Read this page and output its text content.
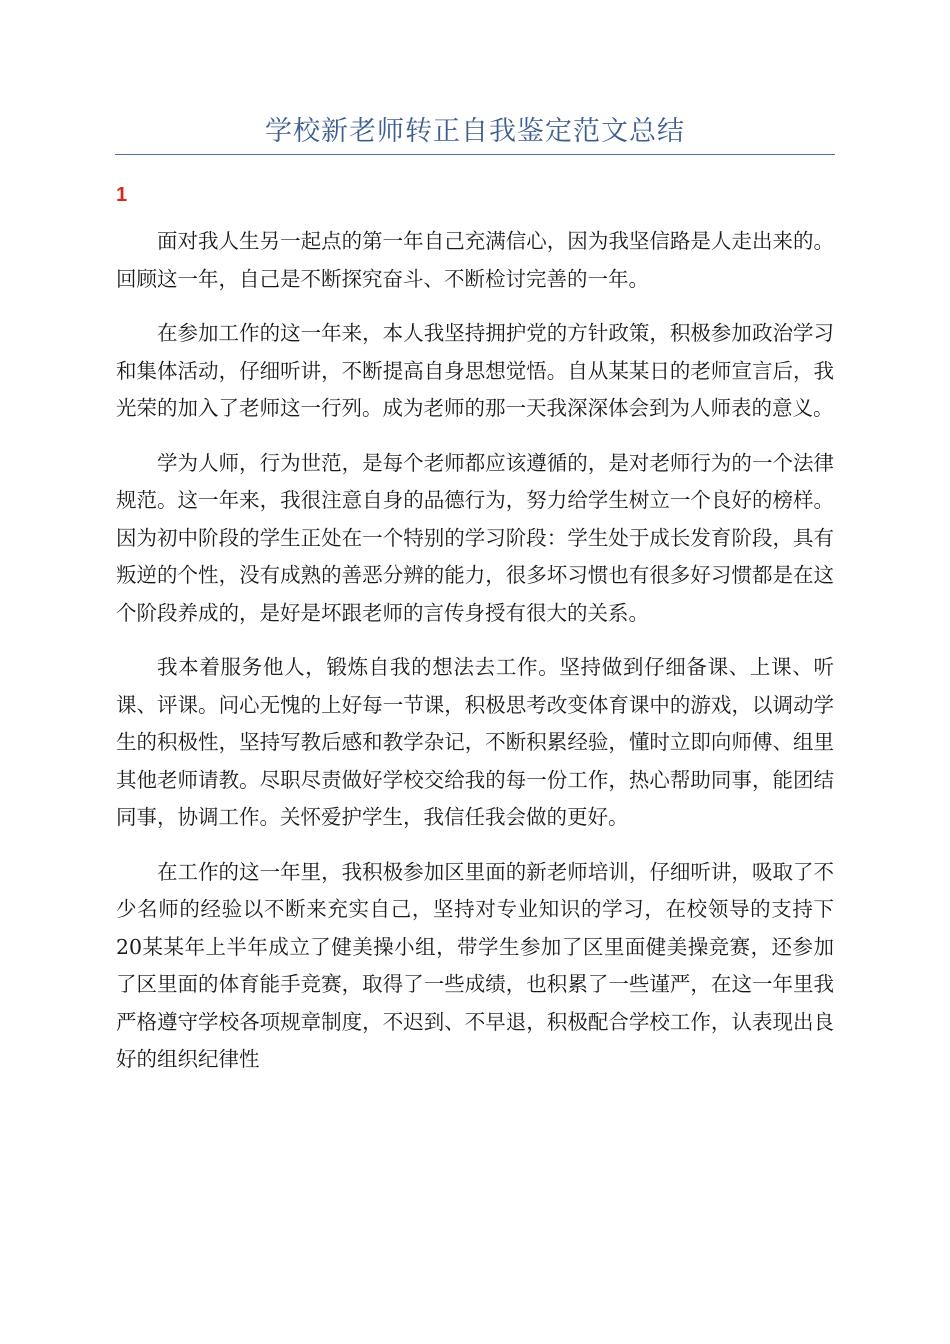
学校新老师转正自我鉴定范文总结
1

面对我人生另一起点的第一年自己充满信心，因为我坚信路是人走出来的。回顾这一年，自己是不断探究奋斗、不断检讨完善的一年。

在参加工作的这一年来，本人我坚持拥护党的方针政策，积极参加政治学习和集体活动，仔细听讲，不断提高自身思想觉悟。自从某某日的老师宣言后，我光荣的加入了老师这一行列。成为老师的那一天我深深体会到为人师表的意义。

学为人师，行为世范，是每个老师都应该遵循的，是对老师行为的一个法律规范。这一年来，我很注意自身的品德行为，努力给学生树立一个良好的榜样。因为初中阶段的学生正处在一个特别的学习阶段：学生处于成长发育阶段，具有叛逆的个性，没有成熟的善恶分辨的能力，很多坏习惯也有很多好习惯都是在这个阶段养成的，是好是坏跟老师的言传身授有很大的关系。

我本着服务他人，锻炼自我的想法去工作。坚持做到仔细备课、上课、听课、评课。问心无愧的上好每一节课，积极思考改变体育课中的游戏，以调动学生的积极性，坚持写教后感和教学杂记，不断积累经验，懂时立即向师傅、组里其他老师请教。尽职尽责做好学校交给我的每一份工作，热心帮助同事，能团结同事，协调工作。关怀爱护学生，我信任我会做的更好。

在工作的这一年里，我积极参加区里面的新老师培训，仔细听讲，吸取了不少名师的经验以不断来充实自己，坚持对专业知识的学习，在校领导的支持下20某某年上半年成立了健美操小组，带学生参加了区里面健美操竞赛，还参加了区里面的体育能手竞赛，取得了一些成绩，也积累了一些谨严，在这一年里我严格遵守学校各项规章制度，不迟到、不早退，积极配合学校工作，认表现出良好的组织纪律性
